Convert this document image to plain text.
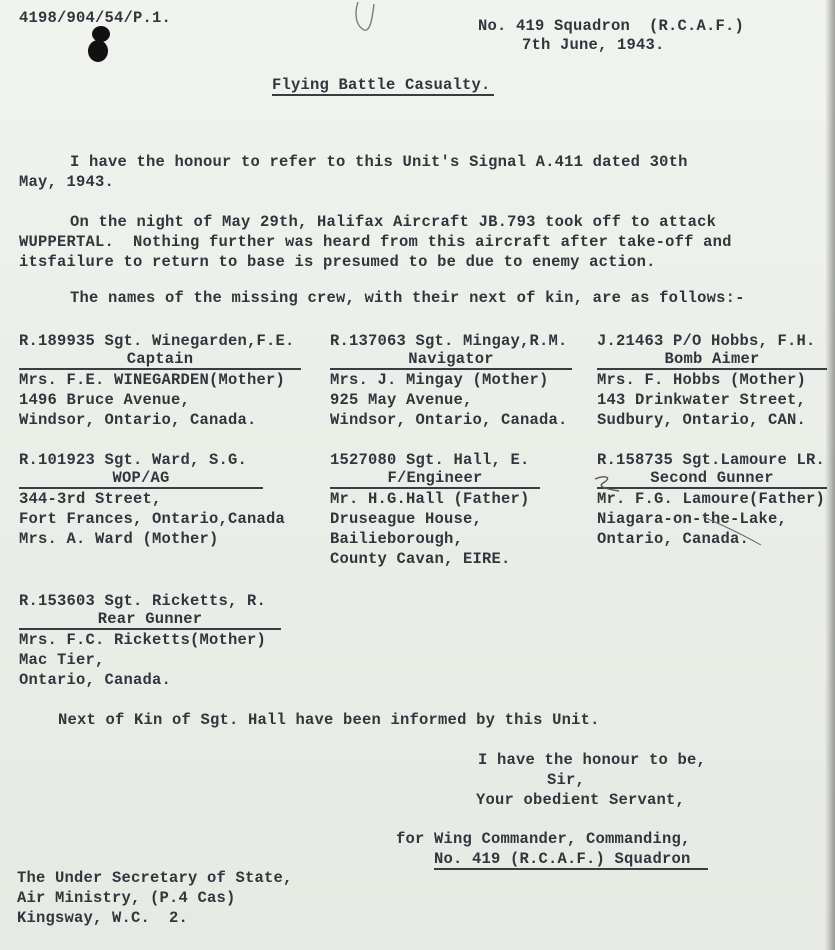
4198/904/54/P.1.	No. 419 Squadron  (R.C.A.F.)
7th June, 1943.
Flying Battle Casualty.
I have the honour to refer to this Unit's Signal A.411 dated 30th
May, 1943.
On the night of May 29th, Halifax Aircraft JB.793 took off to attack
WUPPERTAL.  Nothing further was heard from this aircraft after take-off and
itsfailure to return to base is presumed to be due to enemy action.
The names of the missing crew, with their next of kin, are as follows:-
R.189935 Sgt. Winegarden,F.E.
Captain
Mrs. F.E. WINEGARDEN(Mother)
1496 Bruce Avenue,
Windsor, Ontario, Canada.
R.137063 Sgt. Mingay,R.M.
Navigator
Mrs. J. Mingay (Mother)
925 May Avenue,
Windsor, Ontario, Canada.
J.21463 P/O Hobbs, F.H.
Bomb Aimer
Mrs. F. Hobbs (Mother)
143 Drinkwater Street,
Sudbury, Ontario, CAN.
R.101923 Sgt. Ward, S.G.
WOP/AG
344-3rd Street,
Fort Frances, Ontario,Canada
Mrs. A. Ward (Mother)
1527080 Sgt. Hall, E.
F/Engineer
Mr. H.G.Hall (Father)
Druseague House,
Bailieborough,
County Cavan, EIRE.
R.158735 Sgt.Lamoure LR.
Second Gunner
Mr. F.G. Lamoure(Father)
Niagara-on-the-Lake,
Ontario, Canada.
R.153603 Sgt. Ricketts, R.
Rear Gunner
Mrs. F.C. Ricketts(Mother)
Mac Tier,
Ontario, Canada.
Next of Kin of Sgt. Hall have been informed by this Unit.
I have the honour to be,
Sir,
Your obedient Servant,
for Wing Commander, Commanding,
No. 419 (R.C.A.F.) Squadron
The Under Secretary of State,
Air Ministry, (P.4 Cas)
Kingsway, W.C.  2.
